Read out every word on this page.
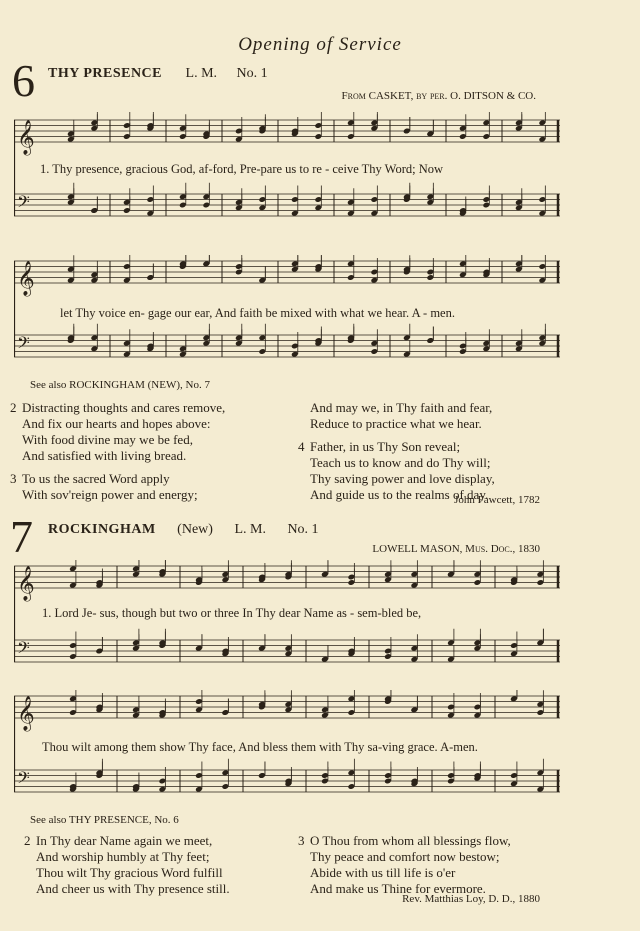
Opening of Service
6 THY PRESENCE L. M. No. 1
From CASKET, by per. O. DITSON & CO.
𝄞
𝄢
1. Thy presence, gracious God, af-ford, Pre-pare us to re - ceive Thy Word; Now
𝄞
𝄢
let Thy voice en- gage our ear, And faith be mixed with what we hear. A - men.
See also ROCKINGHAM (NEW), No. 7

2 Distracting thoughts and cares remove,

And fix our hearts and hopes above:

With food divine may we be fed,

And satisfied with living bread.

3 To us the sacred Word apply

With sov'reign power and energy;

And may we, in Thy faith and fear,

Reduce to practice what we hear.

4 Father, in us Thy Son reveal;

Teach us to know and do Thy will;

Thy saving power and love display,

And guide us to the realms of day.

John Fawcett, 1782
7 ROCKINGHAM (New) L. M. No. 1
LOWELL MASON, Mus. Doc., 1830
𝄞
𝄢
1. Lord Je- sus, though but two or three In Thy dear Name as - sem-bled be,
𝄞
𝄢
Thou wilt among them show Thy face, And bless them with Thy sa-ving grace. A-men.
See also THY PRESENCE, No. 6

2 In Thy dear Name again we meet,

And worship humbly at Thy feet;

Thou wilt Thy gracious Word fulfill

And cheer us with Thy presence still.

3 O Thou from whom all blessings flow,

Thy peace and comfort now bestow;

Abide with us till life is o'er

And make us Thine for evermore.

Rev. Matthias Loy, D. D., 1880
